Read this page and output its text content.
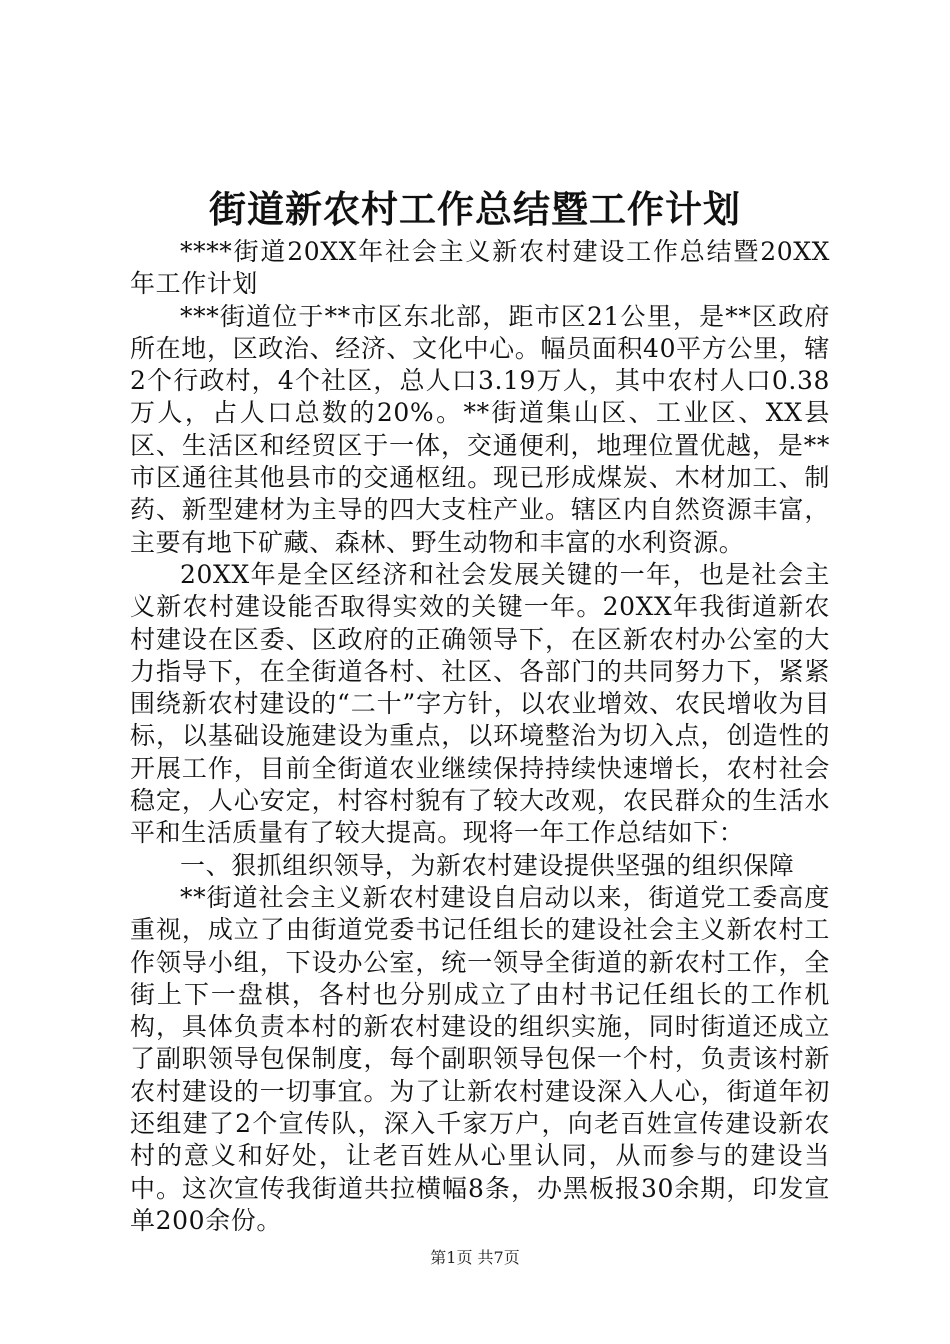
街道新农村工作总结暨工作计划

****街道20XX年社会主义新农村建设工作总结暨20XX年工作计划

***街道位于**市区东北部，距市区21公里，是**区政府所在地，区政治、经济、文化中心。幅员面积40平方公里，辖2个行政村，4个社区，总人口3.19万人，其中农村人口0.38万人，占人口总数的20%。**街道集山区、工业区、XX县区、生活区和经贸区于一体，交通便利，地理位置优越，是**市区通往其他县市的交通枢纽。现已形成煤炭、木材加工、制药、新型建材为主导的四大支柱产业。辖区内自然资源丰富，主要有地下矿藏、森林、野生动物和丰富的水利资源。

20XX年是全区经济和社会发展关键的一年，也是社会主义新农村建设能否取得实效的关键一年。20XX年我街道新农村建设在区委、区政府的正确领导下，在区新农村办公室的大力指导下，在全街道各村、社区、各部门的共同努力下，紧紧围绕新农村建设的“二十”字方针，以农业增效、农民增收为目标，以基础设施建设为重点，以环境整治为切入点，创造性的开展工作，目前全街道农业继续保持持续快速增长，农村社会稳定，人心安定，村容村貌有了较大改观，农民群众的生活水平和生活质量有了较大提高。现将一年工作总结如下：

一、狠抓组织领导，为新农村建设提供坚强的组织保障

**街道社会主义新农村建设自启动以来，街道党工委高度重视，成立了由街道党委书记任组长的建设社会主义新农村工作领导小组，下设办公室，统一领导全街道的新农村工作，全街上下一盘棋，各村也分别成立了由村书记任组长的工作机构，具体负责本村的新农村建设的组织实施，同时街道还成立了副职领导包保制度，每个副职领导包保一个村，负责该村新农村建设的一切事宜。为了让新农村建设深入人心，街道年初还组建了2个宣传队，深入千家万户，向老百姓宣传建设新农村的意义和好处，让老百姓从心里认同，从而参与的建设当中。这次宣传我街道共拉横幅8条，办黑板报30余期，印发宣单200余份。

第1页 共7页
